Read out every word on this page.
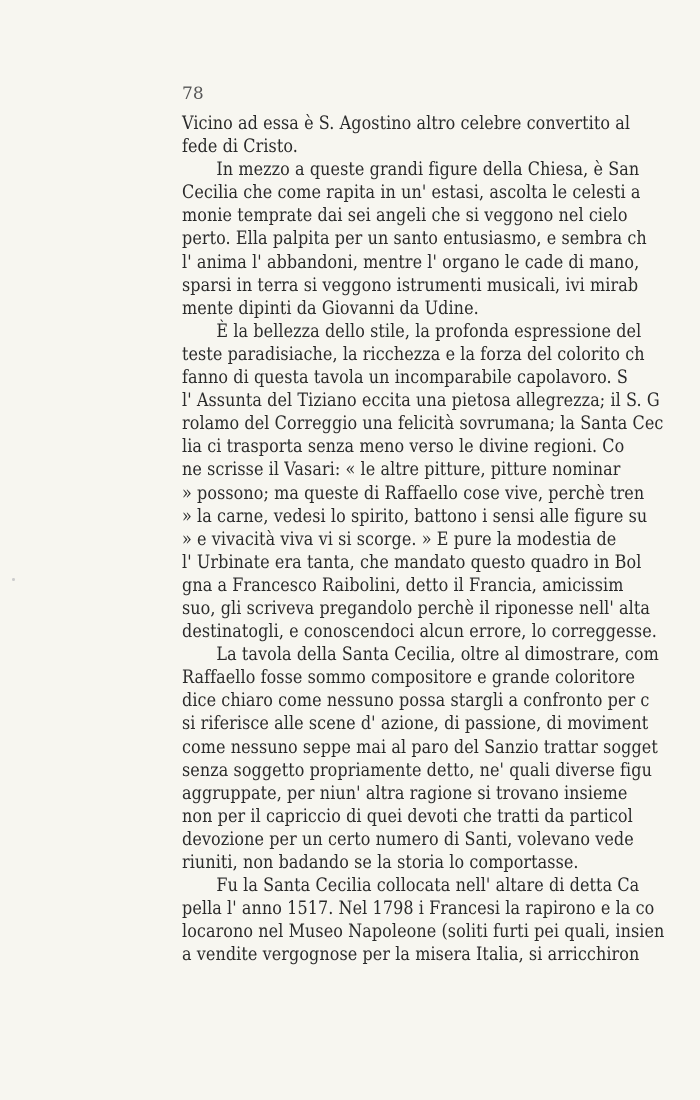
78
Vicino ad essa è S. Agostino altro celebre convertito al
fede di Cristo.
In mezzo a queste grandi figure della Chiesa, è San
Cecilia che come rapita in un' estasi, ascolta le celesti a
monie temprate dai sei angeli che si veggono nel cielo
perto. Ella palpita per un santo entusiasmo, e sembra ch
l' anima l' abbandoni, mentre l' organo le cade di mano,
sparsi in terra si veggono istrumenti musicali, ivi mirab
mente dipinti da Giovanni da Udine.
È la bellezza dello stile, la profonda espressione del
teste paradisiache, la ricchezza e la forza del colorito ch
fanno di questa tavola un incomparabile capolavoro. S
l' Assunta del Tiziano eccita una pietosa allegrezza; il S. G
rolamo del Correggio una felicità sovrumana; la Santa Cec
lia ci trasporta senza meno verso le divine regioni. Co
ne scrisse il Vasari: « le altre pitture, pitture nominar
» possono; ma queste di Raffaello cose vive, perchè tren
» la carne, vedesi lo spirito, battono i sensi alle figure su
» e vivacità viva vi si scorge. » E pure la modestia de
l' Urbinate era tanta, che mandato questo quadro in Bol
gna a Francesco Raibolini, detto il Francia, amicissim
suo, gli scriveva pregandolo perchè il riponesse nell' alta
destinatogli, e conoscendoci alcun errore, lo correggesse.
La tavola della Santa Cecilia, oltre al dimostrare, com
Raffaello fosse sommo compositore e grande coloritore
dice chiaro come nessuno possa stargli a confronto per c
si riferisce alle scene d' azione, di passione, di moviment
come nessuno seppe mai al paro del Sanzio trattar sogget
senza soggetto propriamente detto, ne' quali diverse figu
aggruppate, per niun' altra ragione si trovano insieme
non per il capriccio di quei devoti che tratti da particol
devozione per un certo numero di Santi, volevano vede
riuniti, non badando se la storia lo comportasse.
Fu la Santa Cecilia collocata nell' altare di detta Ca
pella l' anno 1517. Nel 1798 i Francesi la rapirono e la co
locarono nel Museo Napoleone (soliti furti pei quali, insien
a vendite vergognose per la misera Italia, si arricchiron
